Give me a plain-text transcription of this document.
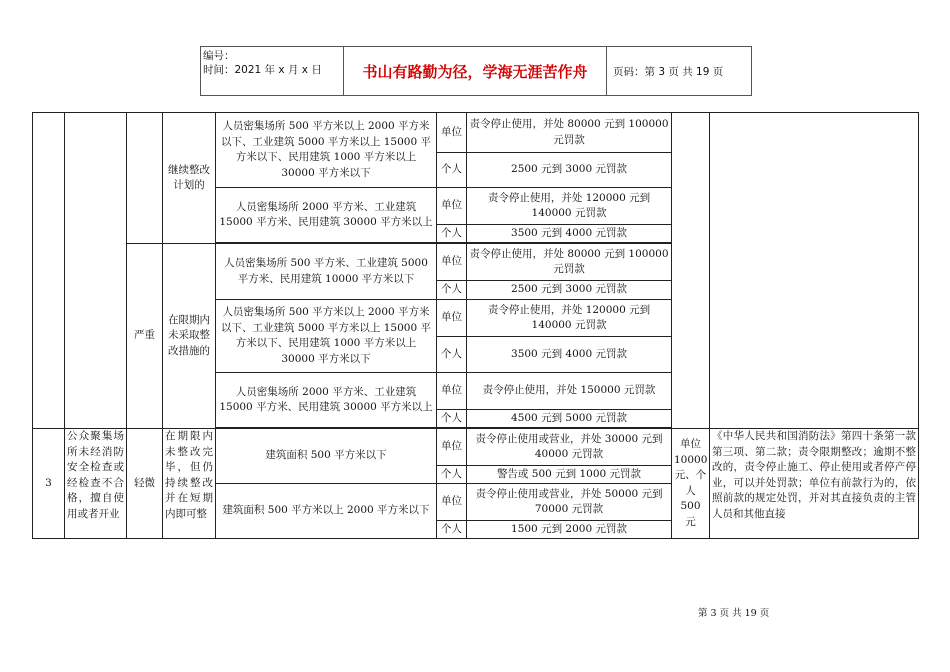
编号：
时间：2021 年 x 月 x 日	书山有路勤为径，学海无涯苦作舟	页码：第 3 页 共 19 页
			继续整改计划的	人员密集场所 500 平方米以上 2000 平方米以下、工业建筑 5000 平方米以上 15000 平方米以下、民用建筑 1000 平方米以上 30000 平方米以下	单位	责令停止使用，并处 80000 元到 100000 元罚款		
					个人	2500 元到 3000 元罚款		
				人员密集场所 2000 平方米、工业建筑 15000 平方米、民用建筑 30000 平方米以上	单位	责令停止使用，并处 120000 元到 140000 元罚款		
					个人	3500 元到 4000 元罚款		

		严重	在限期内未采取整改措施的	人员密集场所 500 平方米、工业建筑 5000 平方米、民用建筑 10000 平方米以下	单位	责令停止使用，并处 80000 元到 100000 元罚款		
					个人	2500 元到 3000 元罚款		
				人员密集场所 500 平方米以上 2000 平方米以下、工业建筑 5000 平方米以上 15000 平方米以下、民用建筑 1000 平方米以上 30000 平方米以下	单位	责令停止使用，并处 120000 元到 140000 元罚款		
					个人	3500 元到 4000 元罚款		
				人员密集场所 2000 平方米、工业建筑 15000 平方米、民用建筑 30000 平方米以上	单位	责令停止使用，并处 150000 元罚款		
					个人	4500 元到 5000 元罚款		

3	公众聚集场所未经消防安全检查或经检查不合格，擅自使用或者开业	轻微	在期限内未整改完毕，但仍持续整改并在短期内即可整	建筑面积 500 平方米以下	单位	责令停止使用或营业，并处 30000 元到 40000 元罚款	单位 10000 元、个人 500 元	《中华人民共和国消防法》第四十条第一款第三项、第二款；责令限期整改；逾期不整改的，责令停止施工、停止使用或者停产停业，可以并处罚款；单位有前款行为的，依照前款的规定处罚，并对其直接负责的主管人员和其他直接
					个人	警告或 500 元到 1000 元罚款		
				建筑面积 500 平方米以上 2000 平方米以下	单位	责令停止使用或营业，并处 50000 元到 70000 元罚款		
					个人	1500 元到 2000 元罚款		
第 3 页 共 19 页
